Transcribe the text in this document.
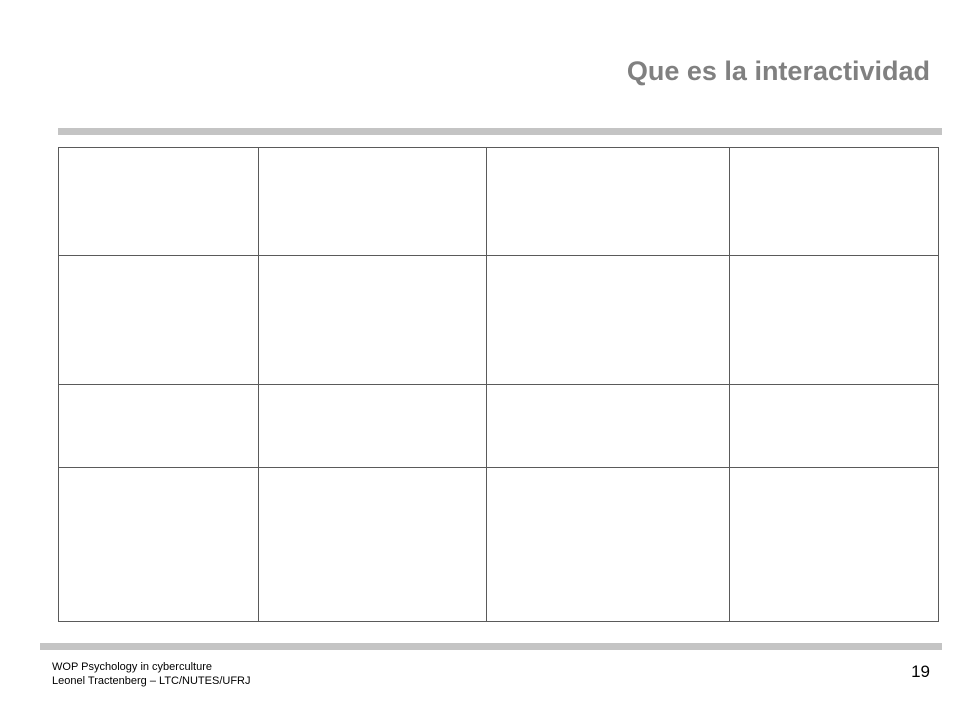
Que es la interactividad

WOP Psychology in cyberculture
Leonel Tractenberg – LTC/NUTES/UFRJ	19
